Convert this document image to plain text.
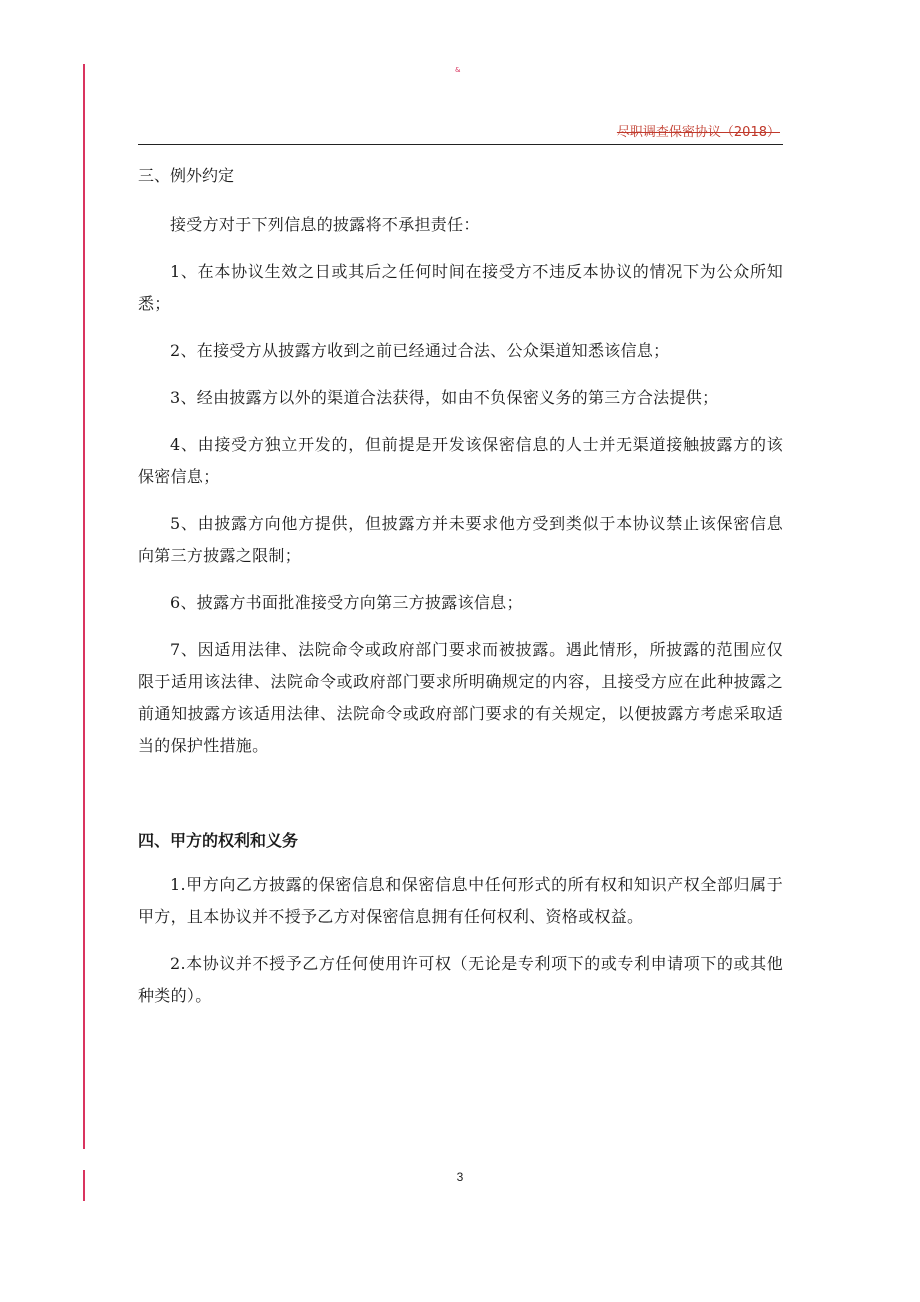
&
尽职调查保密协议（2018）
三、例外约定

接受方对于下列信息的披露将不承担责任：

1、在本协议生效之日或其后之任何时间在接受方不违反本协议的情况下为公众所知悉；

2、在接受方从披露方收到之前已经通过合法、公众渠道知悉该信息；

3、经由披露方以外的渠道合法获得，如由不负保密义务的第三方合法提供；

4、由接受方独立开发的，但前提是开发该保密信息的人士并无渠道接触披露方的该保密信息；

5、由披露方向他方提供，但披露方并未要求他方受到类似于本协议禁止该保密信息向第三方披露之限制；

6、披露方书面批准接受方向第三方披露该信息；

7、因适用法律、法院命令或政府部门要求而被披露。遇此情形，所披露的范围应仅限于适用该法律、法院命令或政府部门要求所明确规定的内容，且接受方应在此种披露之前通知披露方该适用法律、法院命令或政府部门要求的有关规定，以便披露方考虑采取适当的保护性措施。

四、甲方的权利和义务

1.甲方向乙方披露的保密信息和保密信息中任何形式的所有权和知识产权全部归属于甲方，且本协议并不授予乙方对保密信息拥有任何权利、资格或权益。

2.本协议并不授予乙方任何使用许可权（无论是专利项下的或专利申请项下的或其他种类的）。

3
